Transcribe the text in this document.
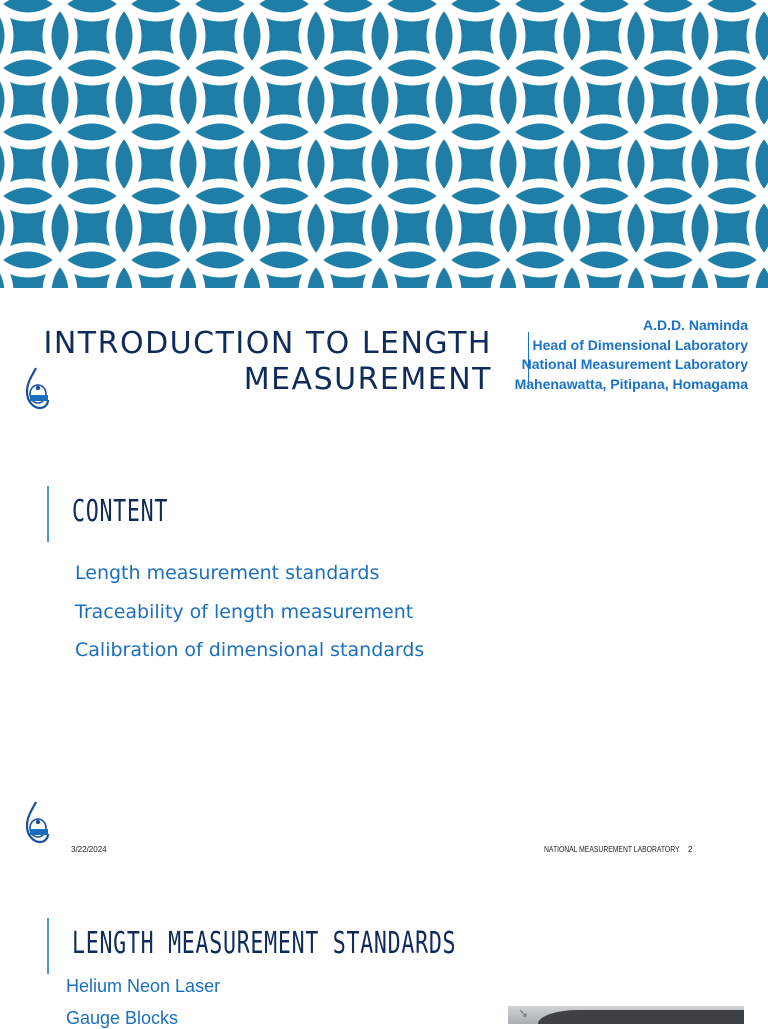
INTRODUCTION TO LENGTH
MEASUREMENT
A.D.D. Naminda
Head of Dimensional Laboratory
National Measurement Laboratory
Mahenawatta, Pitipana, Homagama
CONTENT
Length measurement standards
Traceability of length measurement
Calibration of dimensional standards
3/22/2024	NATIONAL MEASUREMENT LABORATORY 2
LENGTH MEASUREMENT STANDARDS
Helium Neon Laser
Gauge Blocks	↘
